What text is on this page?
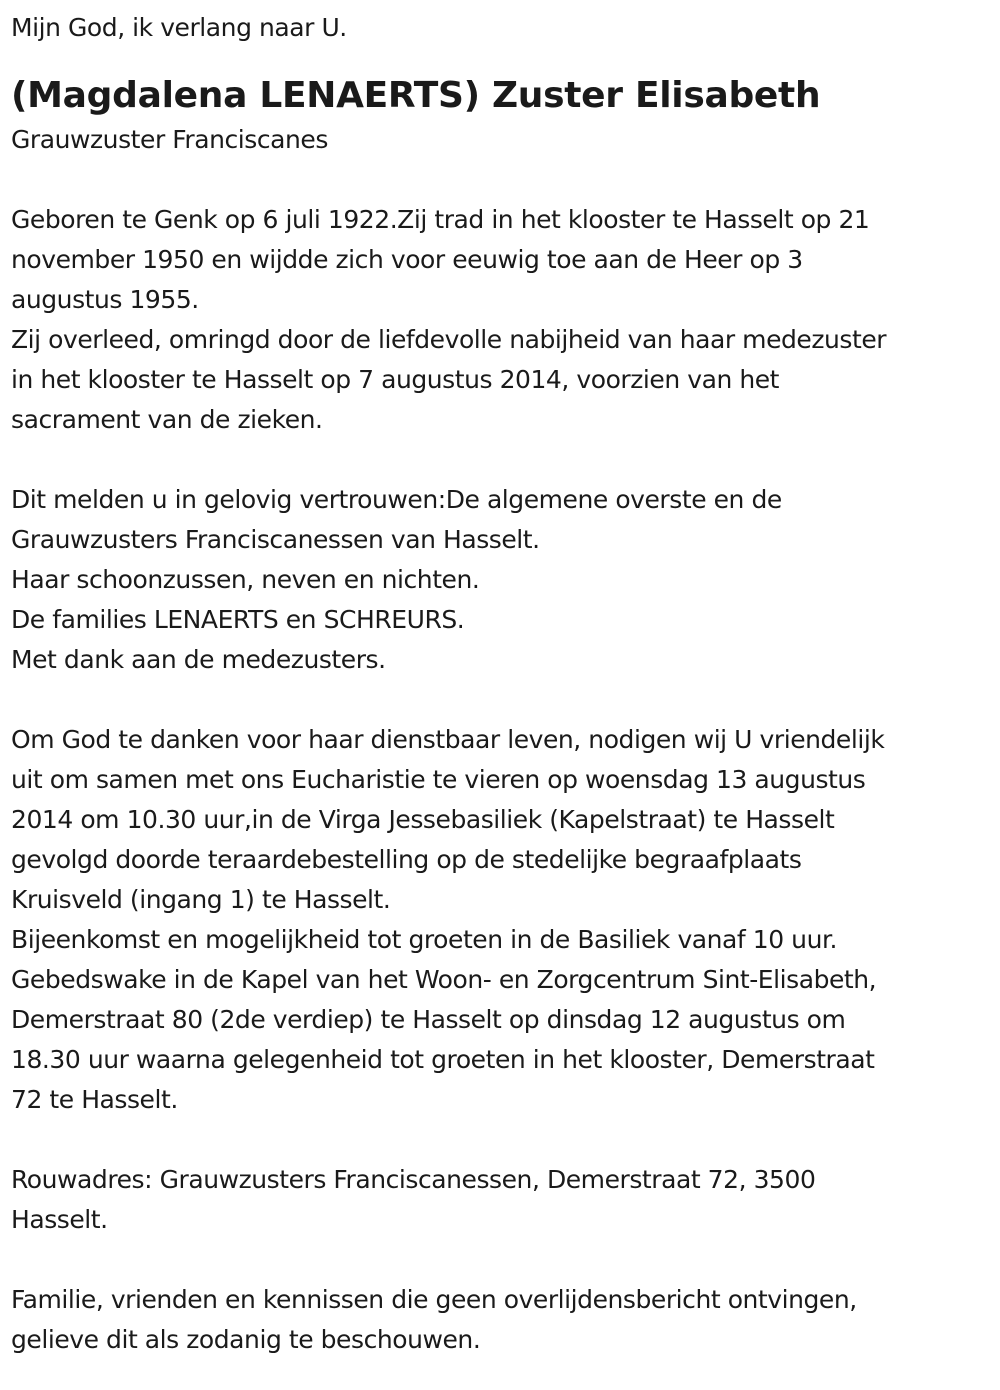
Mijn God, ik verlang naar U.
(Magdalena LENAERTS) Zuster Elisabeth
Grauwzuster Franciscanes
Geboren te Genk op 6 juli 1922.Zij trad in het klooster te Hasselt op 21
november 1950 en wijdde zich voor eeuwig toe aan de Heer op 3
augustus 1955.
Zij overleed, omringd door de liefdevolle nabijheid van haar medezuster
in het klooster te Hasselt op 7 augustus 2014, voorzien van het
sacrament van de zieken.
Dit melden u in gelovig vertrouwen:De algemene overste en de
Grauwzusters Franciscanessen van Hasselt.
Haar schoonzussen, neven en nichten.
De families LENAERTS en SCHREURS.
Met dank aan de medezusters.
Om God te danken voor haar dienstbaar leven, nodigen wij U vriendelijk
uit om samen met ons Eucharistie te vieren op woensdag 13 augustus
2014 om 10.30 uur,in de Virga Jessebasiliek (Kapelstraat) te Hasselt
gevolgd doorde teraardebestelling op de stedelijke begraafplaats
Kruisveld (ingang 1) te Hasselt.
Bijeenkomst en mogelijkheid tot groeten in de Basiliek vanaf 10 uur.
Gebedswake in de Kapel van het Woon- en Zorgcentrum Sint-Elisabeth,
Demerstraat 80 (2de verdiep) te Hasselt op dinsdag 12 augustus om
18.30 uur waarna gelegenheid tot groeten in het klooster, Demerstraat
72 te Hasselt.
Rouwadres: Grauwzusters Franciscanessen, Demerstraat 72, 3500
Hasselt.
Familie, vrienden en kennissen die geen overlijdensbericht ontvingen,
gelieve dit als zodanig te beschouwen.
